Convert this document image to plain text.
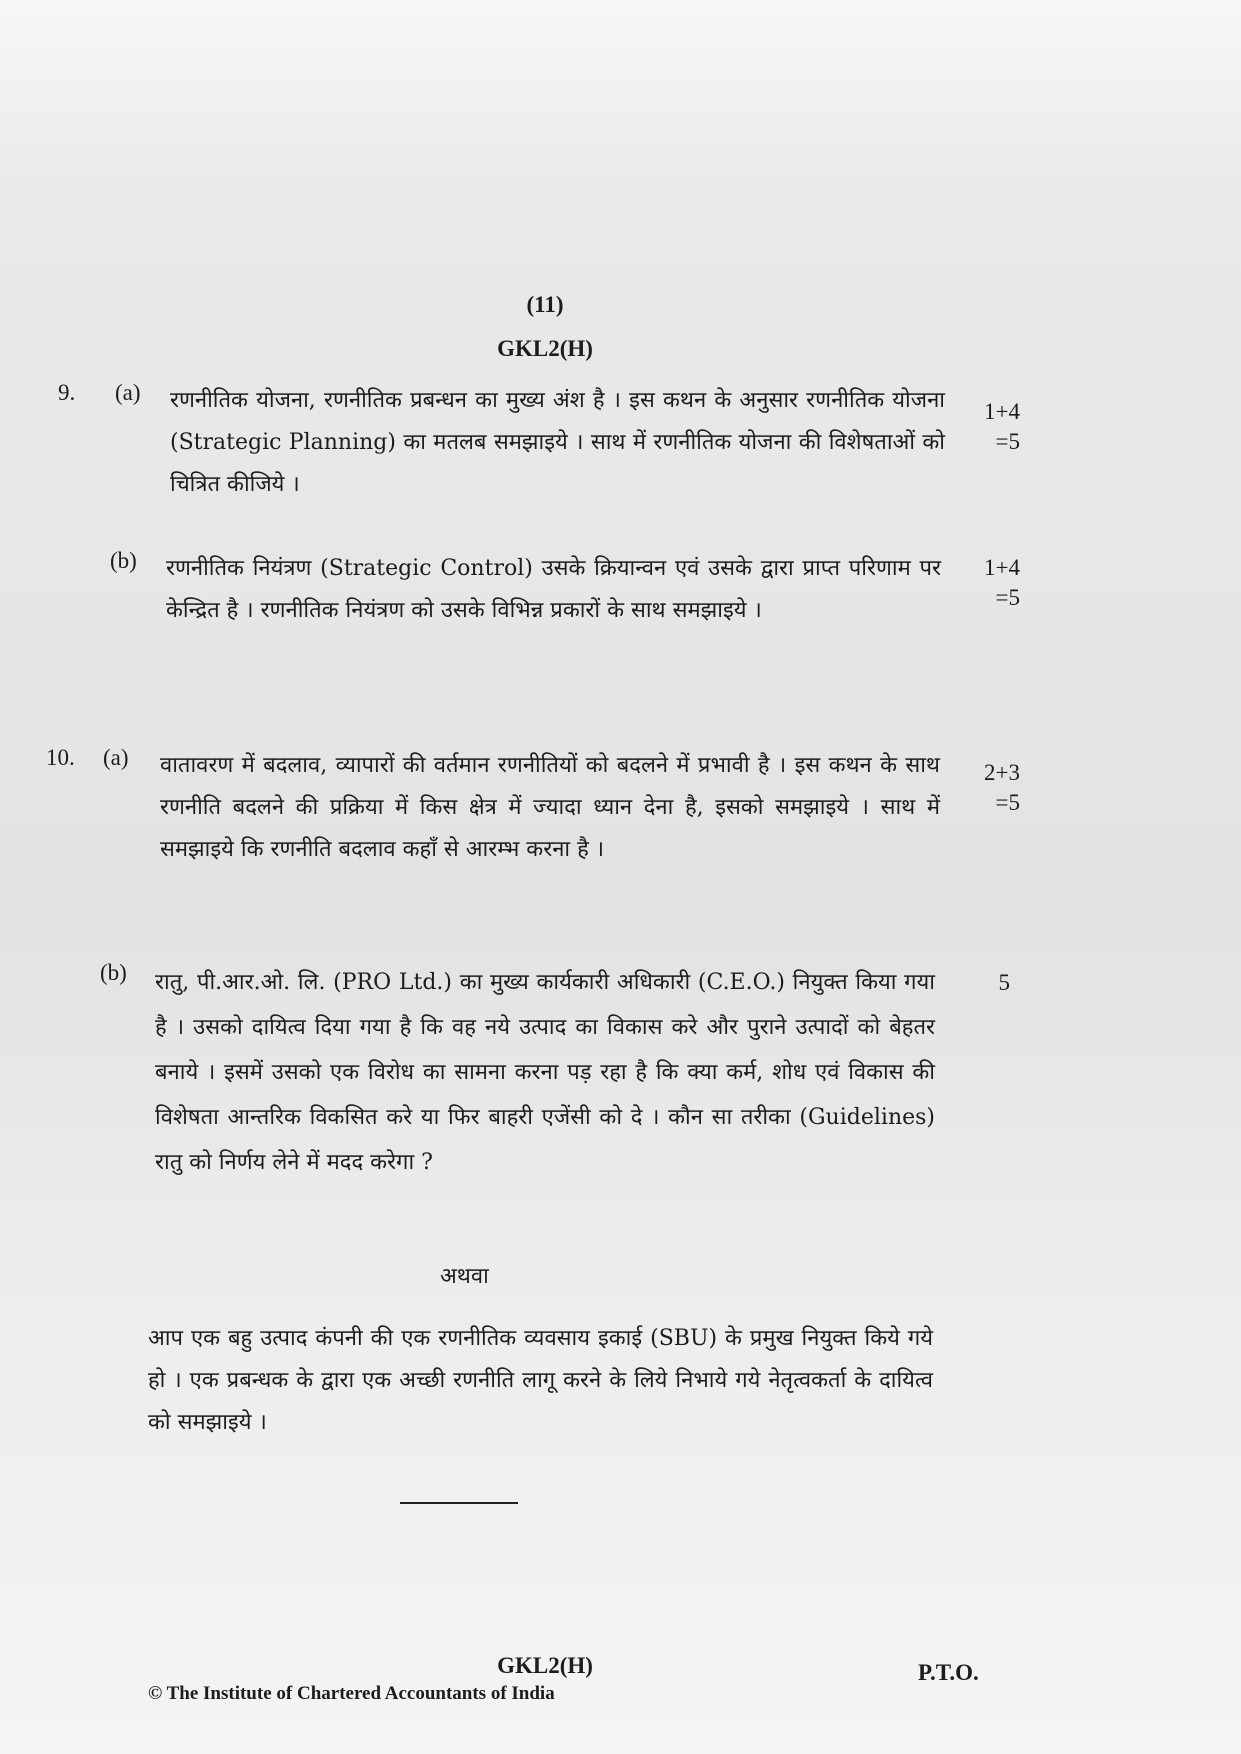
(11)
GKL2(H)
9. (a) रणनीतिक योजना, रणनीतिक प्रबन्धन का मुख्य अंश है । इस कथन के अनुसार रणनीतिक योजना (Strategic Planning) का मतलब समझाइये । साथ में रणनीतिक योजना की विशेषताओं को चित्रित कीजिये ।
1+4
=5
(b) रणनीतिक नियंत्रण (Strategic Control) उसके क्रियान्वन एवं उसके द्वारा प्राप्त परिणाम पर केन्द्रित है । रणनीतिक नियंत्रण को उसके विभिन्न प्रकारों के साथ समझाइये ।
1+4
=5
10. (a) वातावरण में बदलाव, व्यापारों की वर्तमान रणनीतियों को बदलने में प्रभावी है । इस कथन के साथ रणनीति बदलने की प्रक्रिया में किस क्षेत्र में ज्यादा ध्यान देना है, इसको समझाइये । साथ में समझाइये कि रणनीति बदलाव कहाँ से आरम्भ करना है ।
2+3
=5
(b) रातु, पी.आर.ओ. लि. (PRO Ltd.) का मुख्य कार्यकारी अधिकारी (C.E.O.) नियुक्त किया गया है । उसको दायित्व दिया गया है कि वह नये उत्पाद का विकास करे और पुराने उत्पादों को बेहतर बनाये । इसमें उसको एक विरोध का सामना करना पड़ रहा है कि क्या कर्म, शोध एवं विकास की विशेषता आन्तरिक विकसित करे या फिर बाहरी एजेंसी को दे । कौन सा तरीका (Guidelines) रातु को निर्णय लेने में मदद करेगा ?
5
अथवा
आप एक बहु उत्पाद कंपनी की एक रणनीतिक व्यवसाय इकाई (SBU) के प्रमुख नियुक्त किये गये हो । एक प्रबन्धक के द्वारा एक अच्छी रणनीति लागू करने के लिये निभाये गये नेतृत्वकर्ता के दायित्व को समझाइये ।
GKL2(H)	P.T.O.
© The Institute of Chartered Accountants of India
